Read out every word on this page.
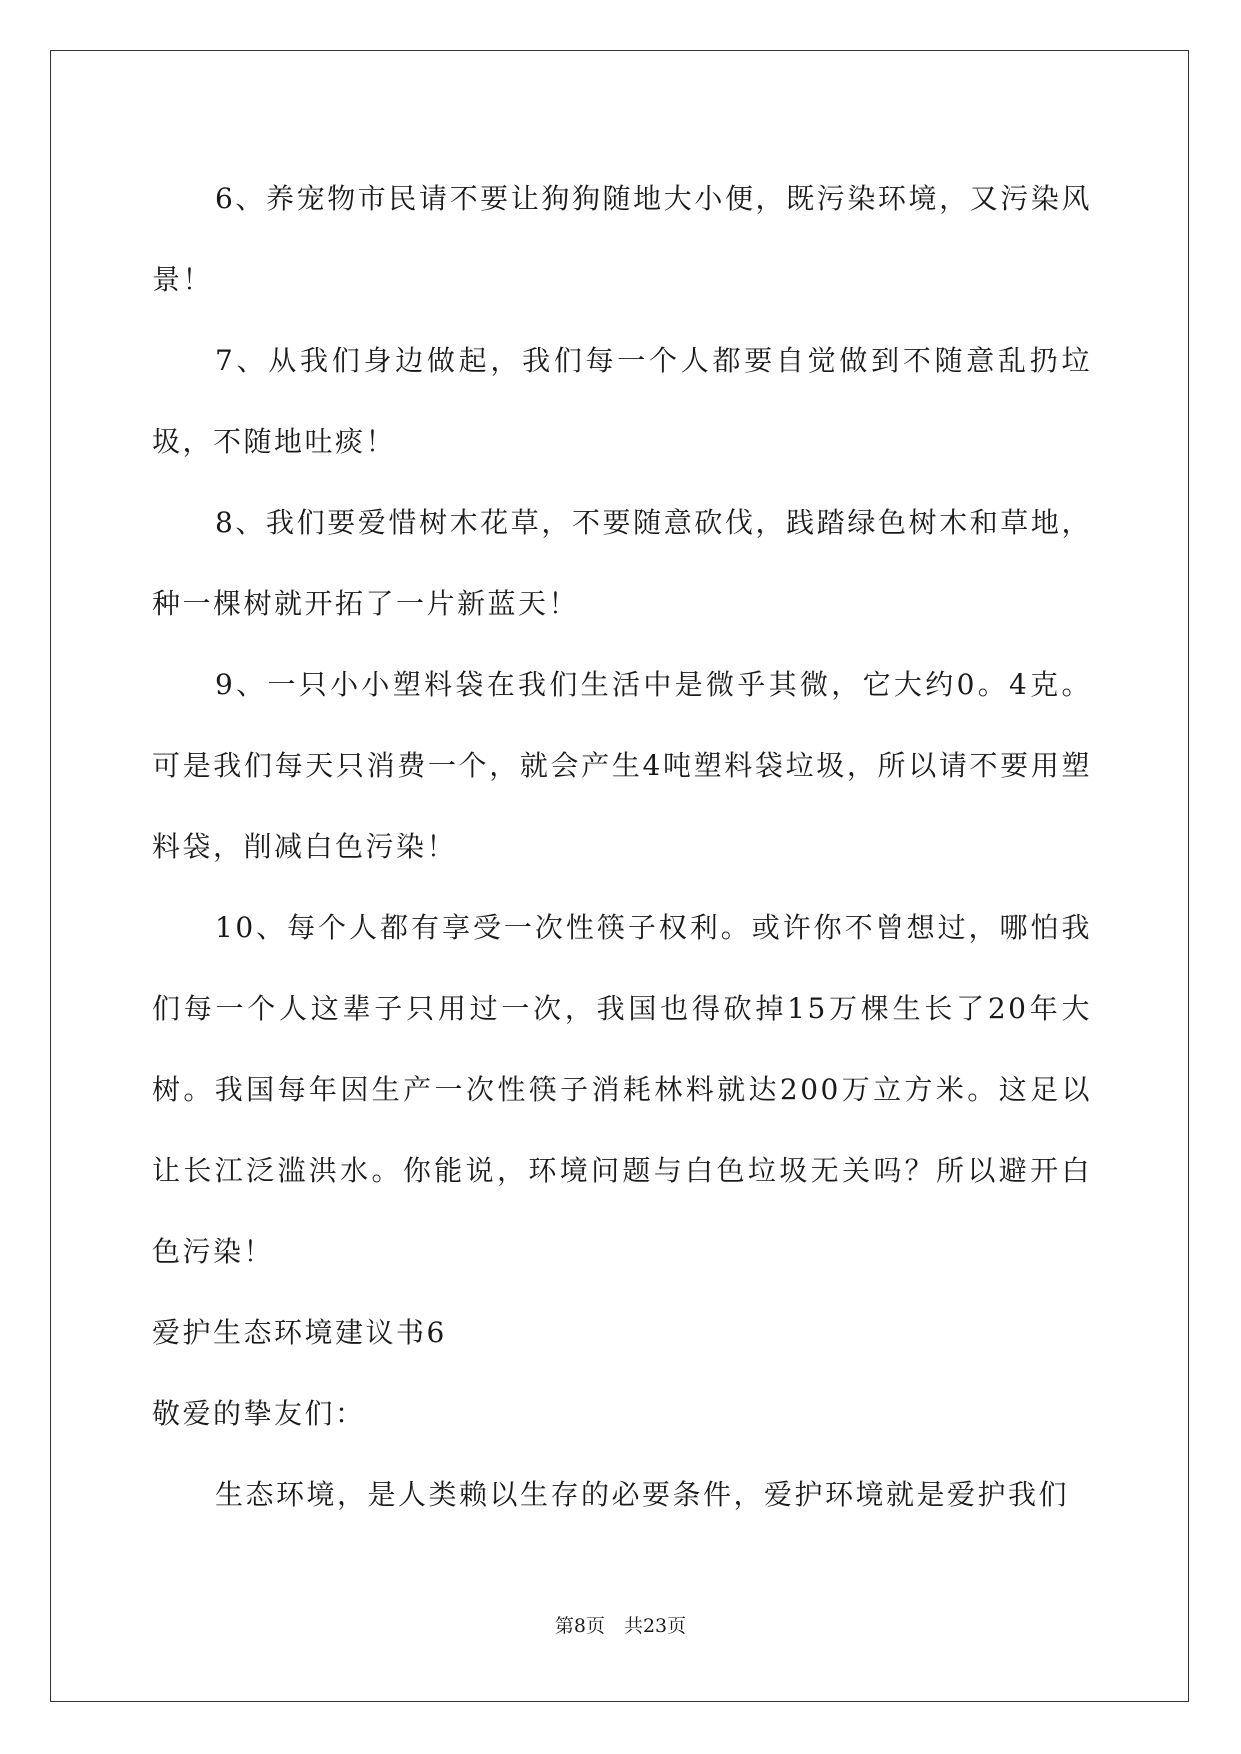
6、养宠物市民请不要让狗狗随地大小便，既污染环境，又污染风景！

7、从我们身边做起，我们每一个人都要自觉做到不随意乱扔垃圾，不随地吐痰！

8、我们要爱惜树木花草，不要随意砍伐，践踏绿色树木和草地，种一棵树就开拓了一片新蓝天！

9、一只小小塑料袋在我们生活中是微乎其微，它大约0。4克。可是我们每天只消费一个，就会产生4吨塑料袋垃圾，所以请不要用塑料袋，削减白色污染！

10、每个人都有享受一次性筷子权利。或许你不曾想过，哪怕我们每一个人这辈子只用过一次，我国也得砍掉15万棵生长了20年大树。我国每年因生产一次性筷子消耗林料就达200万立方米。这足以让长江泛滥洪水。你能说，环境问题与白色垃圾无关吗？所以避开白色污染！

爱护生态环境建议书6

敬爱的挚友们：

生态环境，是人类赖以生存的必要条件，爱护环境就是爱护我们

第8页　共23页
